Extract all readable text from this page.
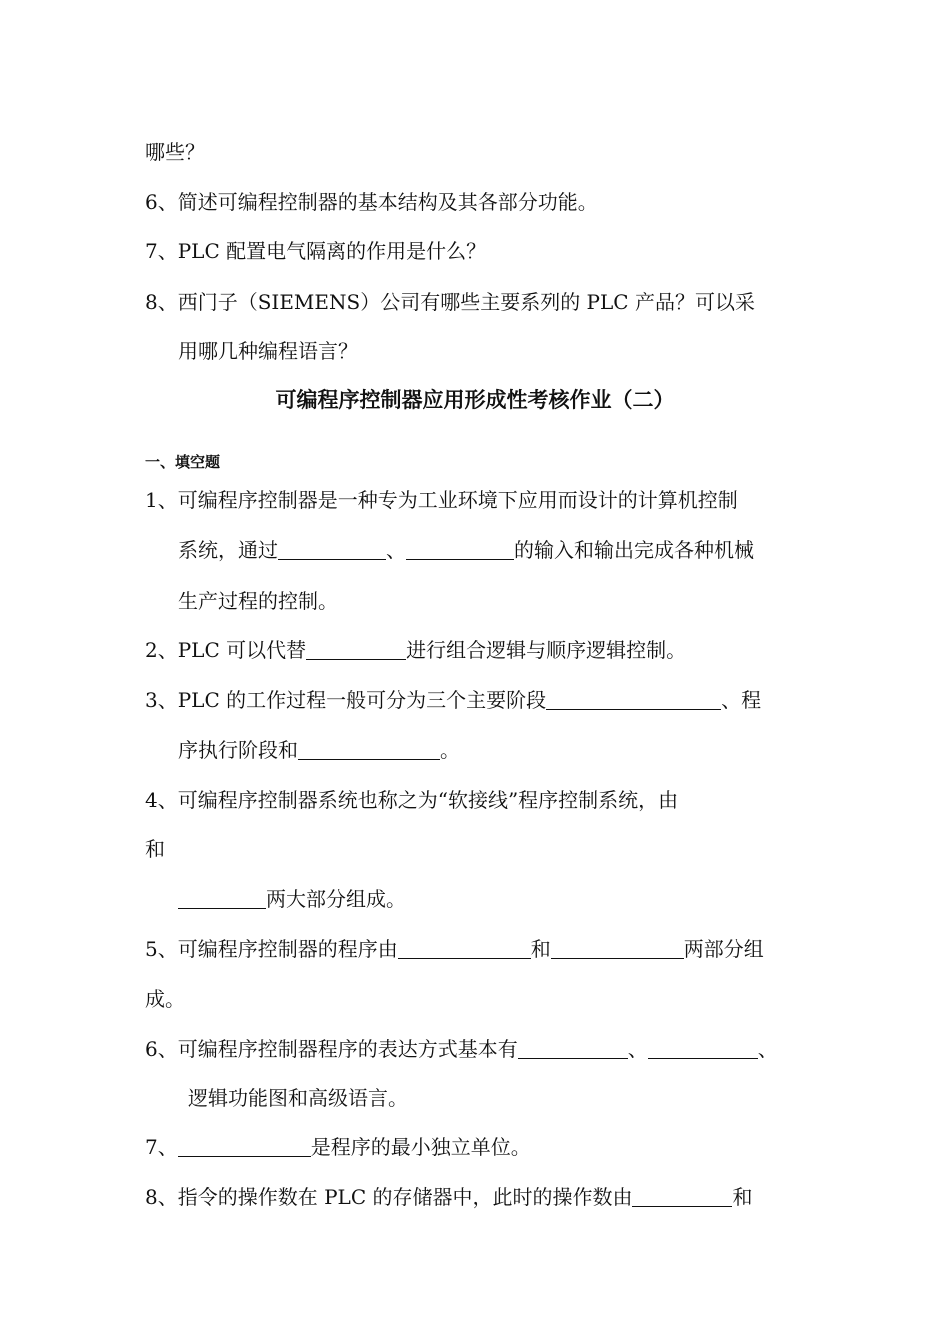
哪些？
6、简述可编程控制器的基本结构及其各部分功能。
7、PLC 配置电气隔离的作用是什么？
8、西门子（SIEMENS）公司有哪些主要系列的 PLC 产品？可以采
用哪几种编程语言？
可编程序控制器应用形成性考核作业（二）
一、填空题
1、可编程序控制器是一种专为工业环境下应用而设计的计算机控制
系统，通过	、	的输入和输出完成各种机械
生产过程的控制。
2、PLC 可以代替	进行组合逻辑与顺序逻辑控制。
3、PLC 的工作过程一般可分为三个主要阶段	、程
序执行阶段和	。
4、可编程序控制器系统也称之为“软接线”程序控制系统，由
和
两大部分组成。
5、可编程序控制器的程序由	和	两部分组
成。
6、可编程序控制器程序的表达方式基本有	、	、
逻辑功能图和高级语言。
7、	是程序的最小独立单位。
8、指令的操作数在 PLC 的存储器中，此时的操作数由	和
